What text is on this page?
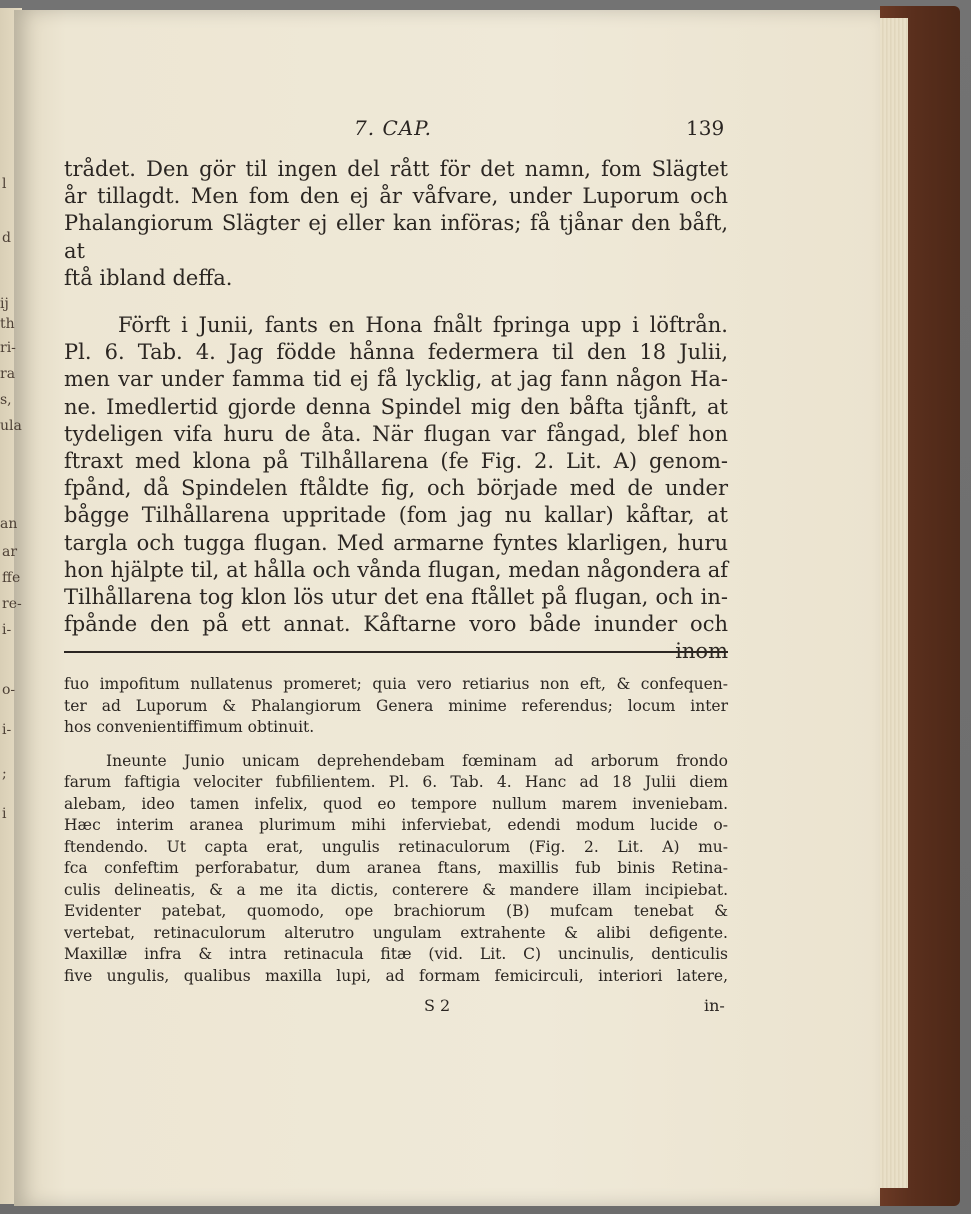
l
d
ij
th
ri-
ra
s,
ula
an
ar
ffe
re-
i-
o-
i-
;
i
7. CAP.	139

trådet. Den gör til ingen del rått för det namn, fom Slägtet

år tillagdt. Men fom den ej år våfvare, under Luporum och

Phalangiorum Slägter ej eller kan införas; få tjånar den båft, at

ftå ibland deffa.

Förft i Junii, fants en Hona fnålt fpringa upp i löftrån.

Pl. 6. Tab. 4. Jag födde hånna federmera til den 18 Julii,

men var under famma tid ej få lycklig, at jag fann någon Ha-

ne. Imedlertid gjorde denna Spindel mig den båfta tjånft, at

tydeligen vifa huru de åta. När flugan var fångad, blef hon

ftraxt med klona på Tilhållarena (fe Fig. 2. Lit. A) genom-

fpånd, då Spindelen ftåldte fig, och började med de under

bågge Tilhållarena uppritade (fom jag nu kallar) kåftar, at

targla och tugga flugan. Med armarne fyntes klarligen, huru

hon hjälpte til, at hålla och vånda flugan, medan någondera af

Tilhållarena tog klon lös utur det ena ftållet på flugan, och in-

fpånde den på ett annat. Kåftarne voro både inunder och

inom

fuo impofitum nullatenus promeret; quia vero retiarius non eft, & confequen-

ter ad Luporum & Phalangiorum Genera minime referendus; locum inter

hos convenientiffimum obtinuit.

Ineunte Junio unicam deprehendebam fœminam ad arborum frondo

farum faftigia velociter fubfilientem. Pl. 6. Tab. 4. Hanc ad 18 Julii diem

alebam, ideo tamen infelix, quod eo tempore nullum marem inveniebam.

Hæc interim aranea plurimum mihi inferviebat, edendi modum lucide o-

ftendendo. Ut capta erat, ungulis retinaculorum (Fig. 2. Lit. A) mu-

fca confeftim perforabatur, dum aranea ftans, maxillis fub binis Retina-

culis delineatis, & a me ita dictis, conterere & mandere illam incipiebat.

Evidenter patebat, quomodo, ope brachiorum (B) mufcam tenebat &

vertebat, retinaculorum alterutro ungulam extrahente & alibi defigente.

Maxillæ infra & intra retinacula fitæ (vid. Lit. C) uncinulis, denticulis

five ungulis, qualibus maxilla lupi, ad formam femicirculi, interiori latere,

S 2	in-
